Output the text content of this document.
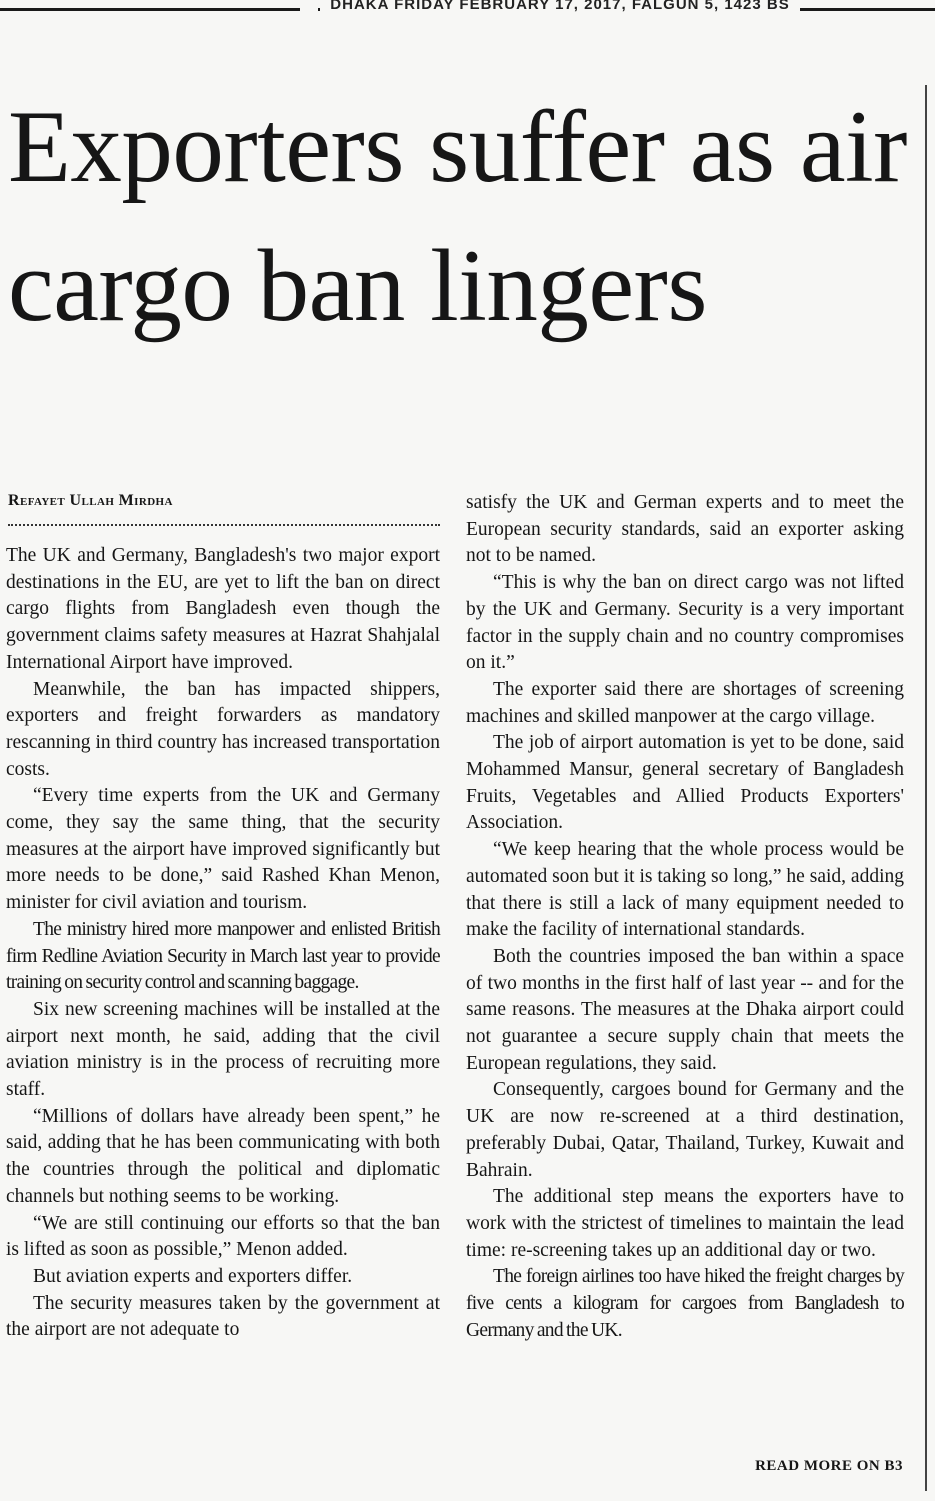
DHAKA FRIDAY FEBRUARY 17, 2017, FALGUN 5, 1423 BS
Exporters suffer as air cargo ban lingers
Refayet Ullah Mirdha

The UK and Germany, Bangladesh's two major export destinations in the EU, are yet to lift the ban on direct cargo flights from Bangladesh even though the government claims safety measures at Hazrat Shahjalal International Airport have improved.

Meanwhile, the ban has impacted shippers, exporters and freight forwarders as mandatory rescanning in third country has increased transportation costs.

“Every time experts from the UK and Germany come, they say the same thing, that the security measures at the airport have improved significantly but more needs to be done,” said Rashed Khan Menon, minister for civil aviation and tourism.

The ministry hired more manpower and enlisted British firm Redline Aviation Security in March last year to provide training on security control and scanning baggage.

Six new screening machines will be installed at the airport next month, he said, adding that the civil aviation ministry is in the process of recruiting more staff.

“Millions of dollars have already been spent,” he said, adding that he has been communicating with both the countries through the political and diplomatic channels but nothing seems to be working.

“We are still continuing our efforts so that the ban is lifted as soon as possible,” Menon added.

But aviation experts and exporters differ.

The security measures taken by the government at the airport are not adequate to

satisfy the UK and German experts and to meet the European security standards, said an exporter asking not to be named.

“This is why the ban on direct cargo was not lifted by the UK and Germany. Security is a very important factor in the supply chain and no country compromises on it.”

The exporter said there are shortages of screening machines and skilled manpower at the cargo village.

The job of airport automation is yet to be done, said Mohammed Mansur, general secretary of Bangladesh Fruits, Vegetables and Allied Products Exporters' Association.

“We keep hearing that the whole process would be automated soon but it is taking so long,” he said, adding that there is still a lack of many equipment needed to make the facility of international standards.

Both the countries imposed the ban within a space of two months in the first half of last year -- and for the same reasons. The measures at the Dhaka airport could not guarantee a secure supply chain that meets the European regulations, they said.

Consequently, cargoes bound for Germany and the UK are now re-screened at a third destination, preferably Dubai, Qatar, Thailand, Turkey, Kuwait and Bahrain.

The additional step means the exporters have to work with the strictest of timelines to maintain the lead time: re-screening takes up an additional day or two.

The foreign airlines too have hiked the freight charges by five cents a kilogram for cargoes from Bangladesh to Germany and the UK.

READ MORE ON B3
